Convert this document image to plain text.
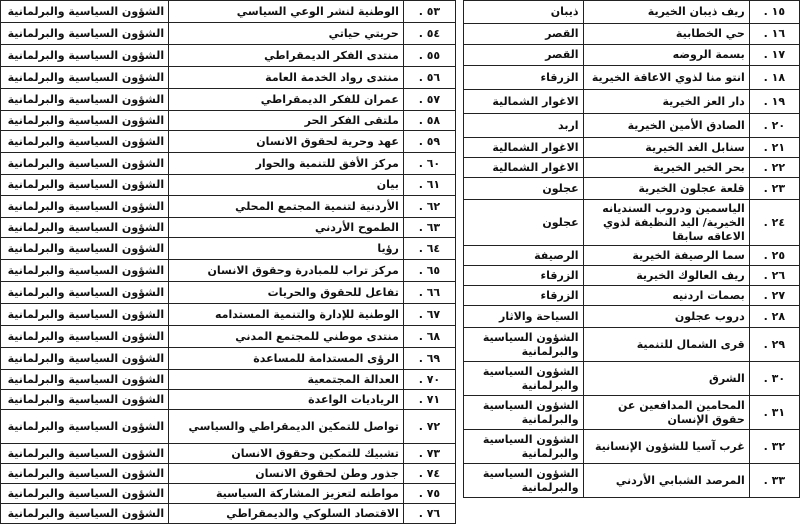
٥٣ .	الوطنية لنشر الوعي السياسي	الشؤون السياسية والبرلمانية
٥٤ .	حريتي حياتي	الشؤون السياسية والبرلمانية
٥٥ .	منتدى الفكر الديمقراطي	الشؤون السياسية والبرلمانية
٥٦ .	منتدى رواد الخدمة العامة	الشؤون السياسية والبرلمانية
٥٧ .	عمران للفكر الديمقراطي	الشؤون السياسية والبرلمانية
٥٨ .	ملتقى الفكر الحر	الشؤون السياسية والبرلمانية
٥٩ .	عهد وحرية لحقوق الانسان	الشؤون السياسية والبرلمانية
٦٠ .	مركز الأفق للتنمية والحوار	الشؤون السياسية والبرلمانية
٦١ .	بيان	الشؤون السياسية والبرلمانية
٦٢ .	الأردنية لتنمية المجتمع المحلي	الشؤون السياسية والبرلمانية
٦٣ .	الطموح الأردني	الشؤون السياسية والبرلمانية
٦٤ .	رؤيا	الشؤون السياسية والبرلمانية
٦٥ .	مركز تراب للمبادرة وحقوق الانسان	الشؤون السياسية والبرلمانية
٦٦ .	تفاعل للحقوق والحريات	الشؤون السياسية والبرلمانية
٦٧ .	الوطنية للإدارة والتنمية المستدامه	الشؤون السياسية والبرلمانية
٦٨ .	منتدى موطني للمجتمع المدني	الشؤون السياسية والبرلمانية
٦٩ .	الرؤى المستدامة للمساعدة	الشؤون السياسية والبرلمانية
٧٠ .	العدالة المجتمعية	الشؤون السياسية والبرلمانية
٧١ .	الرياديات الواعدة	الشؤون السياسية والبرلمانية
٧٢ .	تواصل للتمكين الديمقراطي والسياسي	الشؤون السياسية والبرلمانية
٧٣ .	تشبيك للتمكين وحقوق الانسان	الشؤون السياسية والبرلمانية
٧٤ .	جذور وطن لحقوق الانسان	الشؤون السياسية والبرلمانية
٧٥ .	مواطنه لتعزيز المشاركة السياسية	الشؤون السياسية والبرلمانية
٧٦ .	الاقتصاد السلوكي والديمقراطي	الشؤون السياسية والبرلمانية
١٥ .	ريف ذيبان الخيرية	ذيبان
١٦ .	حي الخطابية	القصر
١٧ .	بسمة الروضه	القصر
١٨ .	انتو منا لذوي الاعاقة الخيرية	الزرقاء
١٩ .	دار العز الخيرية	الاغوار الشمالية
٢٠ .	الصادق الأمين الخيرية	اربد
٢١ .	سنابل الغد الخيرية	الاغوار الشمالية
٢٢ .	بحر الخير الخيرية	الاغوار الشمالية
٢٣ .	قلعة عجلون الخيرية	عجلون
٢٤ .	الياسمين ودروب السنديانه الخيرية/ اليد النظيفة لذوي الاعاقه سابقا	عجلون
٢٥ .	سما الرصيفة الخيرية	الرصيفة
٢٦ .	ريف العالوك الخيرية	الزرقاء
٢٧ .	بصمات اردنيه	الزرقاء
٢٨ .	دروب عجلون	السياحة والاثار
٢٩ .	قرى الشمال للتنمية	الشؤون السياسية والبرلمانية
٣٠ .	الشرق	الشؤون السياسية والبرلمانية
٣١ .	المحامين المدافعين عن حقوق الإنسان	الشؤون السياسية والبرلمانية
٣٢ .	غرب آسيا للشؤون الإنسانية	الشؤون السياسية والبرلمانية
٣٣ .	المرصد الشبابي الأردني	الشؤون السياسية والبرلمانية
